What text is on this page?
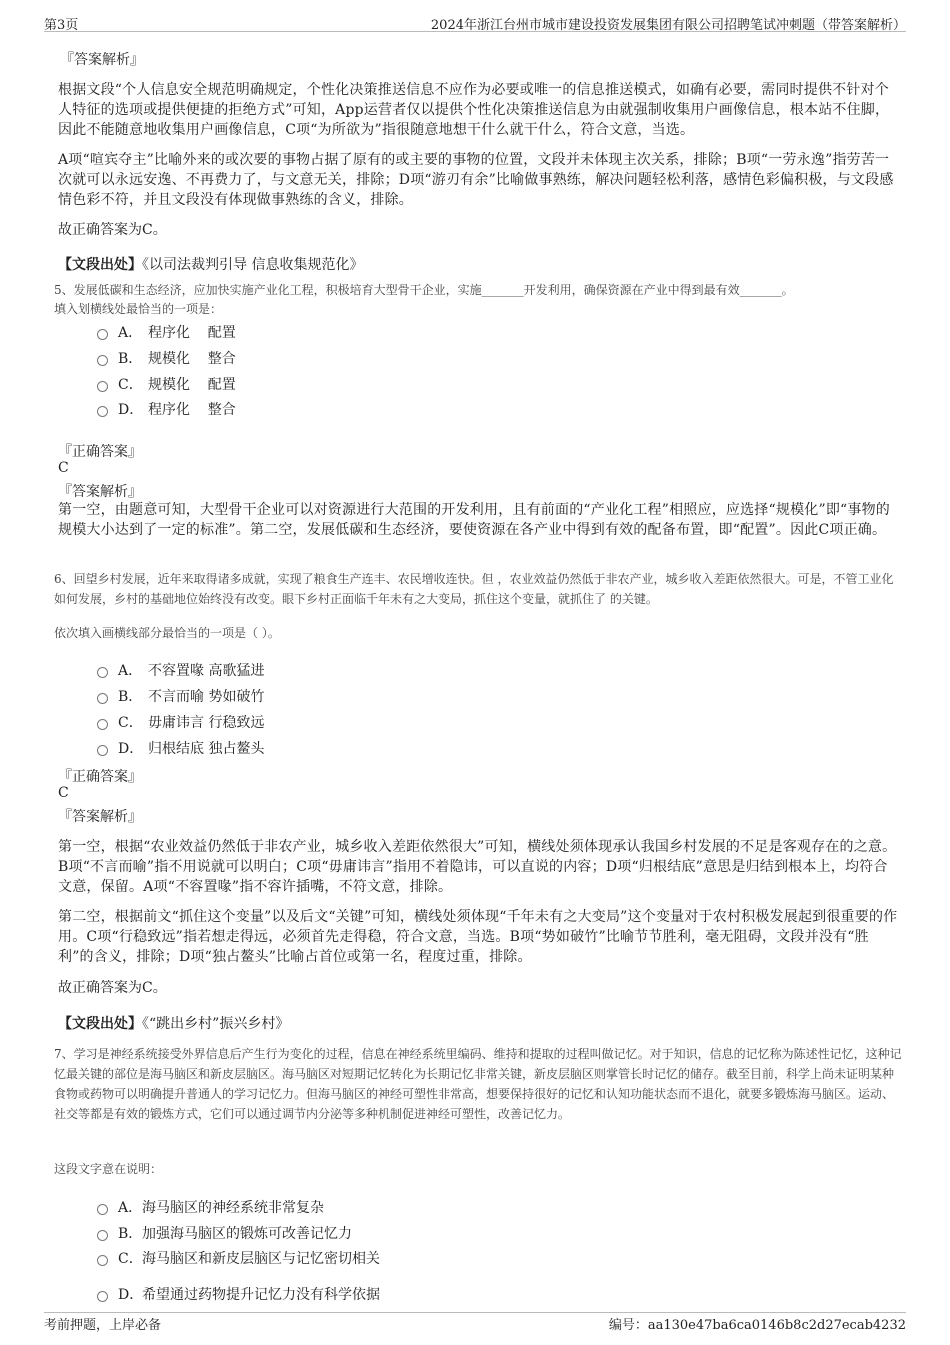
第3页	2024年浙江台州市城市建设投资发展集团有限公司招聘笔试冲刺题（带答案解析）
『答案解析』
根据文段“个人信息安全规范明确规定，个性化决策推送信息不应作为必要或唯一的信息推送模式，如确有必要，需同时提供不针对个人特征的选项或提供便捷的拒绝方式”可知，App运营者仅以提供个性化决策推送信息为由就强制收集用户画像信息，根本站不住脚，因此不能随意地收集用户画像信息，C项“为所欲为”指很随意地想干什么就干什么，符合文意，当选。
A项“喧宾夺主”比喻外来的或次要的事物占据了原有的或主要的事物的位置，文段并未体现主次关系，排除；B项“一劳永逸”指劳苦一次就可以永远安逸、不再费力了，与文意无关，排除；D项“游刃有余”比喻做事熟练，解决问题轻松利落，感情色彩偏积极，与文段感情色彩不符，并且文段没有体现做事熟练的含义，排除。
故正确答案为C。
【文段出处】《以司法裁判引导 信息收集规范化》
5、发展低碳和生态经济，应加快实施产业化工程，积极培育大型骨干企业，实施_______开发利用，确保资源在产业中得到最有效_______。
填入划横线处最恰当的一项是：
A． 程序化    配置
B． 规模化    整合
C． 规模化    配置
D． 程序化    整合
『正确答案』
C
『答案解析』
第一空，由题意可知，大型骨干企业可以对资源进行大范围的开发利用，且有前面的“产业化工程”相照应，应选择“规模化”即“事物的规模大小达到了一定的标准”。第二空，发展低碳和生态经济，要使资源在各产业中得到有效的配备布置，即“配置”。因此C项正确。
6、回望乡村发展，近年来取得诸多成就，实现了粮食生产连丰、农民增收连快。但 ，农业效益仍然低于非农产业，城乡收入差距依然很大。可是，不管工业化如何发展，乡村的基础地位始终没有改变。眼下乡村正面临千年未有之大变局，抓住这个变量，就抓住了 的关键。
依次填入画横线部分最恰当的一项是（ ）。
A． 不容置喙 高歌猛进
B． 不言而喻 势如破竹
C． 毋庸讳言 行稳致远
D． 归根结底 独占鳌头
『正确答案』
C
『答案解析』
第一空，根据“农业效益仍然低于非农产业，城乡收入差距依然很大”可知，横线处须体现承认我国乡村发展的不足是客观存在的之意。B项“不言而喻”指不用说就可以明白；C项“毋庸讳言”指用不着隐讳，可以直说的内容；D项“归根结底”意思是归结到根本上，均符合文意，保留。A项“不容置喙”指不容许插嘴，不符文意，排除。
第二空，根据前文“抓住这个变量”以及后文“关键”可知，横线处须体现“千年未有之大变局”这个变量对于农村积极发展起到很重要的作用。C项“行稳致远”指若想走得远，必须首先走得稳，符合文意，当选。B项“势如破竹”比喻节节胜利，毫无阻碍，文段并没有“胜利”的含义，排除；D项“独占鳌头”比喻占首位或第一名，程度过重，排除。
故正确答案为C。
【文段出处】《“跳出乡村”振兴乡村》
7、学习是神经系统接受外界信息后产生行为变化的过程，信息在神经系统里编码、维持和提取的过程叫做记忆。对于知识，信息的记忆称为陈述性记忆，这种记忆最关键的部位是海马脑区和新皮层脑区。海马脑区对短期记忆转化为长期记忆非常关键，新皮层脑区则掌管长时记忆的储存。截至目前，科学上尚未证明某种食物或药物可以明确提升普通人的学习记忆力。但海马脑区的神经可塑性非常高，想要保持很好的记忆和认知功能状态而不退化，就要多锻炼海马脑区。运动、社交等都是有效的锻炼方式，它们可以通过调节内分泌等多种机制促进神经可塑性，改善记忆力。
这段文字意在说明：
A． 海马脑区的神经系统非常复杂
B． 加强海马脑区的锻炼可改善记忆力
C． 海马脑区和新皮层脑区与记忆密切相关
D．
希望通过药物提升记忆力没有科学依据
考前押题，上岸必备	编号：aa130e47ba6ca0146b8c2d27ecab4232
